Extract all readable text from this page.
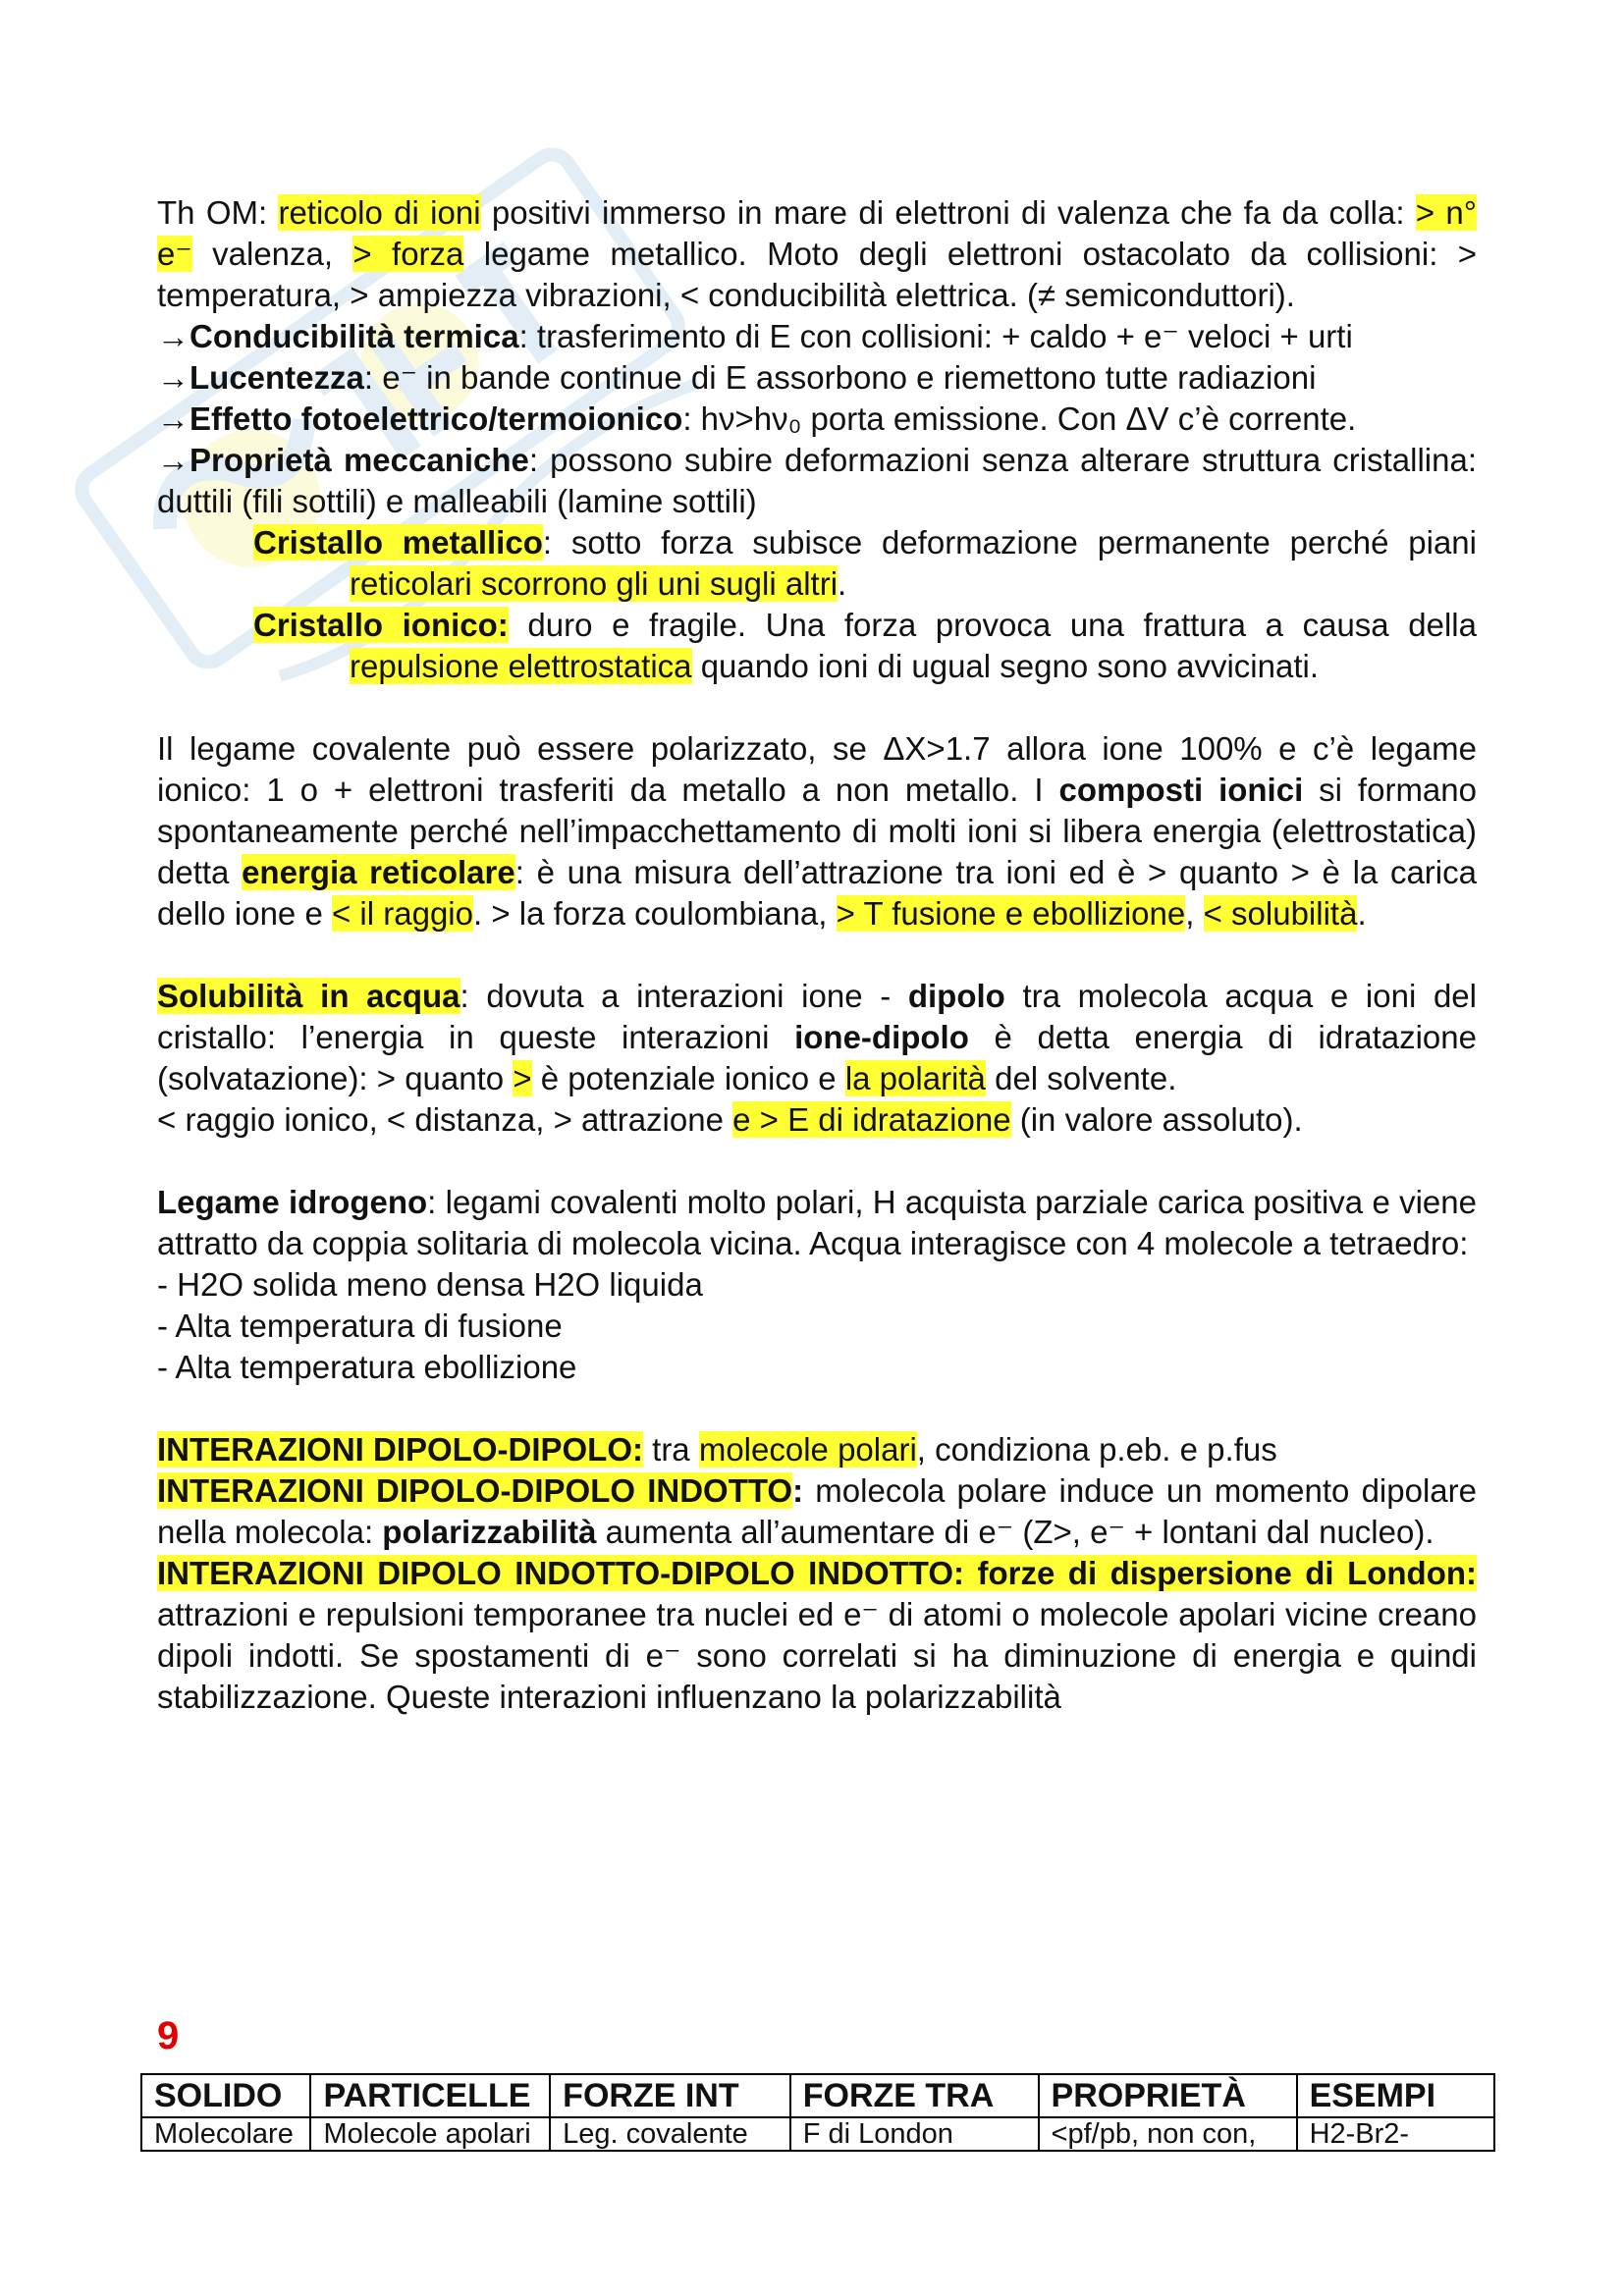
Th OM: reticolo di ioni positivi immerso in mare di elettroni di valenza che fa da colla: > n° e⁻ valenza, > forza legame metallico. Moto degli elettroni ostacolato da collisioni: > temperatura, > ampiezza vibrazioni, < conducibilità elettrica. (≠ semiconduttori).

→Conducibilità termica: trasferimento di E con collisioni: + caldo + e⁻ veloci + urti

→Lucentezza: e⁻ in bande continue di E assorbono e riemettono tutte radiazioni

→Effetto fotoelettrico/termoionico: hν>hν₀ porta emissione. Con ΔV c’è corrente.

→Proprietà meccaniche: possono subire deformazioni senza alterare struttura cristallina: duttili (fili sottili) e malleabili (lamine sottili)

Cristallo metallico: sotto forza subisce deformazione permanente perché piani reticolari scorrono gli uni sugli altri.

Cristallo ionico: duro e fragile. Una forza provoca una frattura a causa della repulsione elettrostatica quando ioni di ugual segno sono avvicinati.

Il legame covalente può essere polarizzato, se ΔX>1.7 allora ione 100% e c’è legame ionico: 1 o + elettroni trasferiti da metallo a non metallo. I composti ionici si formano spontaneamente perché nell’impacchettamento di molti ioni si libera energia (elettrostatica) detta energia reticolare: è una misura dell’attrazione tra ioni ed è > quanto > è la carica dello ione e < il raggio. > la forza coulombiana, > T fusione e ebollizione, < solubilità.

Solubilità in acqua: dovuta a interazioni ione - dipolo tra molecola acqua e ioni del cristallo: l’energia in queste interazioni ione-dipolo è detta energia di idratazione (solvatazione): > quanto > è potenziale ionico e la polarità del solvente.

< raggio ionico, < distanza, > attrazione e > E di idratazione (in valore assoluto).

Legame idrogeno: legami covalenti molto polari, H acquista parziale carica positiva e viene attratto da coppia solitaria di molecola vicina. Acqua interagisce con 4 molecole a tetraedro:

- H2O solida meno densa H2O liquida

- Alta temperatura di fusione

- Alta temperatura ebollizione

INTERAZIONI DIPOLO-DIPOLO: tra molecole polari, condiziona p.eb. e p.fus

INTERAZIONI DIPOLO-DIPOLO INDOTTO: molecola polare induce un momento dipolare nella molecola: polarizzabilità aumenta all’aumentare di e⁻ (Z>, e⁻ + lontani dal nucleo).

INTERAZIONI DIPOLO INDOTTO-DIPOLO INDOTTO: forze di dispersione di London: attrazioni e repulsioni temporanee tra nuclei ed e⁻ di atomi o molecole apolari vicine creano dipoli indotti. Se spostamenti di e⁻ sono correlati si ha diminuzione di energia e quindi stabilizzazione. Queste interazioni influenzano la polarizzabilità

9
SOLIDO	PARTICELLE	FORZE INT	FORZE TRA	PROPRIETÀ	ESEMPI
Molecolare	Molecole apolari	Leg. covalente	F di London	<pf/pb, non con,	H2-Br2-
